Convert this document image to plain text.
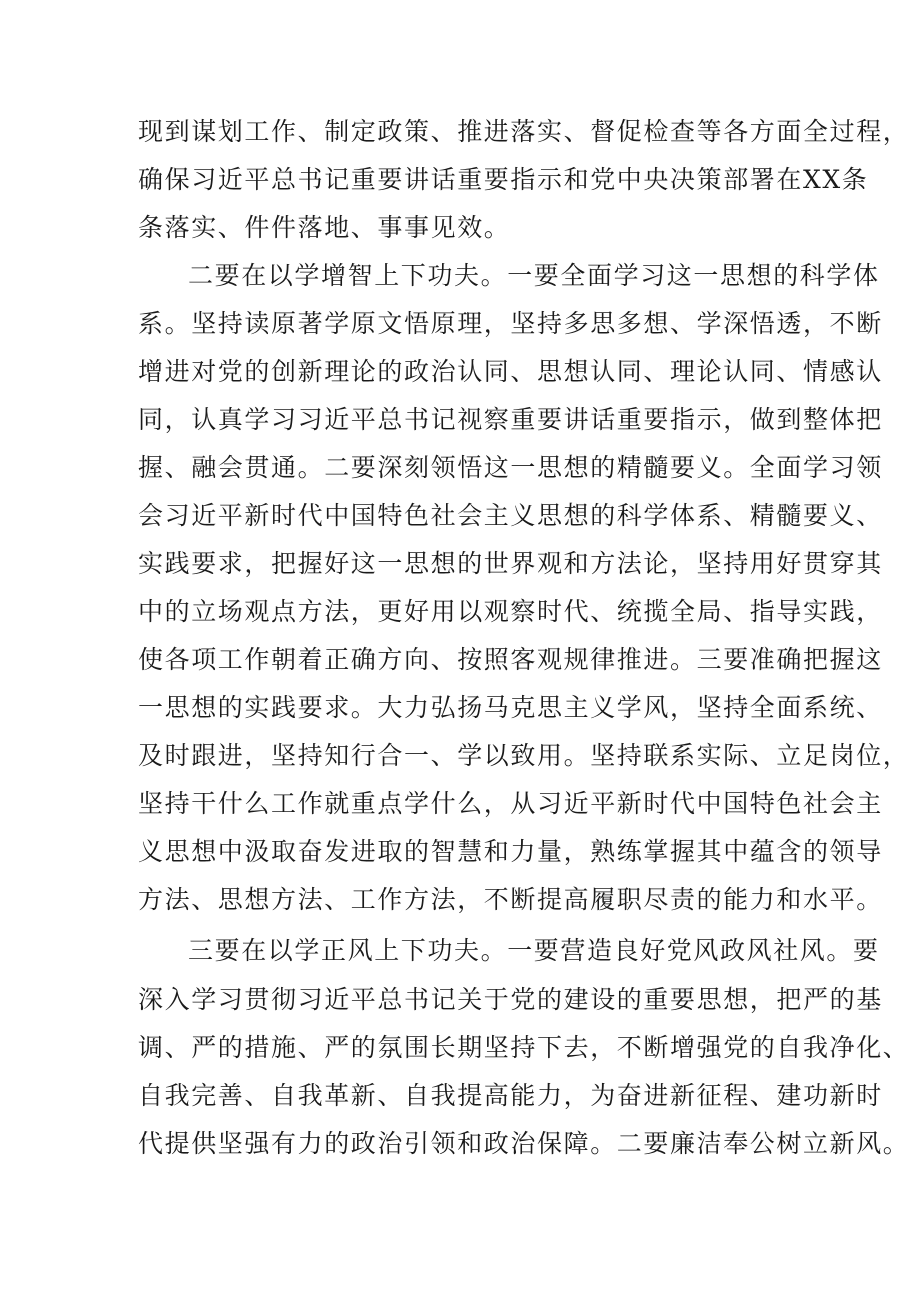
现到谋划工作、制定政策、推进落实、督促检查等各方面全过程，
确保习近平总书记重要讲话重要指示和党中央决策部署在XX条
条落实、件件落地、事事见效。
二要在以学增智上下功夫。一要全面学习这一思想的科学体
系。坚持读原著学原文悟原理，坚持多思多想、学深悟透，不断
增进对党的创新理论的政治认同、思想认同、理论认同、情感认
同，认真学习习近平总书记视察重要讲话重要指示，做到整体把
握、融会贯通。二要深刻领悟这一思想的精髓要义。全面学习领
会习近平新时代中国特色社会主义思想的科学体系、精髓要义、
实践要求，把握好这一思想的世界观和方法论，坚持用好贯穿其
中的立场观点方法，更好用以观察时代、统揽全局、指导实践，
使各项工作朝着正确方向、按照客观规律推进。三要准确把握这
一思想的实践要求。大力弘扬马克思主义学风，坚持全面系统、
及时跟进，坚持知行合一、学以致用。坚持联系实际、立足岗位，
坚持干什么工作就重点学什么，从习近平新时代中国特色社会主
义思想中汲取奋发进取的智慧和力量，熟练掌握其中蕴含的领导
方法、思想方法、工作方法，不断提高履职尽责的能力和水平。
三要在以学正风上下功夫。一要营造良好党风政风社风。要
深入学习贯彻习近平总书记关于党的建设的重要思想，把严的基
调、严的措施、严的氛围长期坚持下去，不断增强党的自我净化、
自我完善、自我革新、自我提高能力，为奋进新征程、建功新时
代提供坚强有力的政治引领和政治保障。二要廉洁奉公树立新风。
